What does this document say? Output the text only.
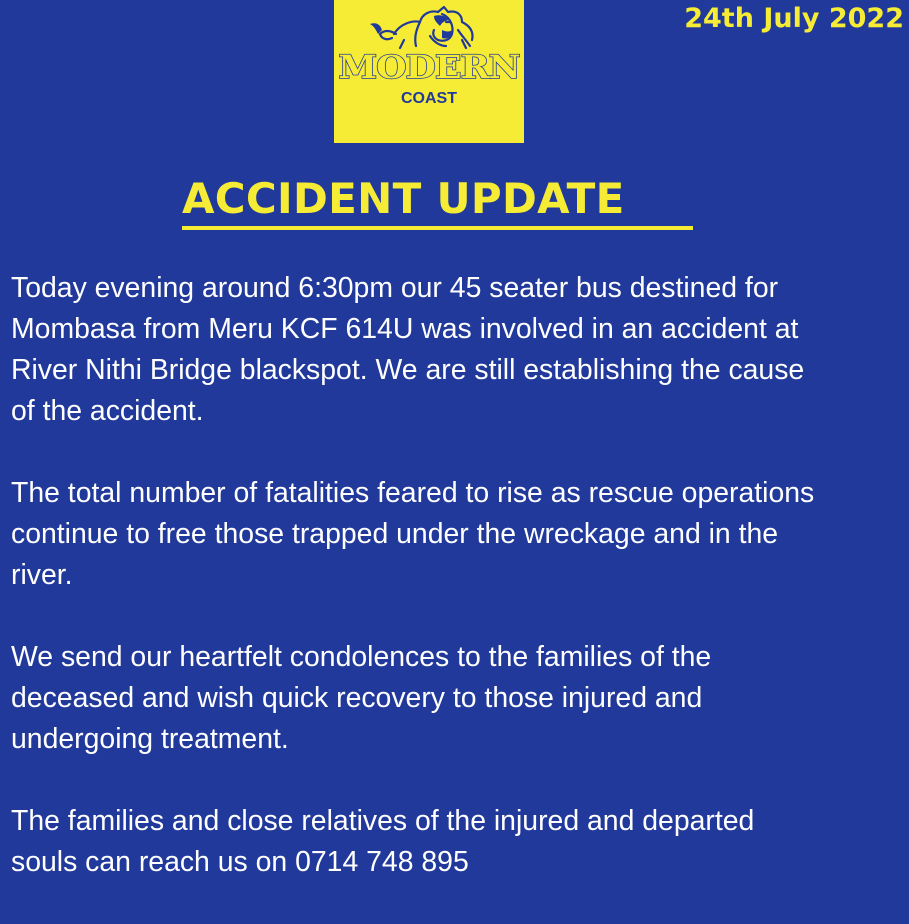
MODERN
COAST
24th July 2022
ACCIDENT UPDATE

Today evening around 6:30pm our 45 seater bus destined for
Mombasa from Meru KCF 614U was involved in an accident at
River Nithi Bridge blackspot. We are still establishing the cause
of the accident.

The total number of fatalities feared to rise as rescue operations
continue to free those trapped under the wreckage and in the
river.

We send our heartfelt condolences to the families of the
deceased and wish quick recovery to those injured and
undergoing treatment.

The families and close relatives of the injured and departed
souls can reach us on 0714 748 895
